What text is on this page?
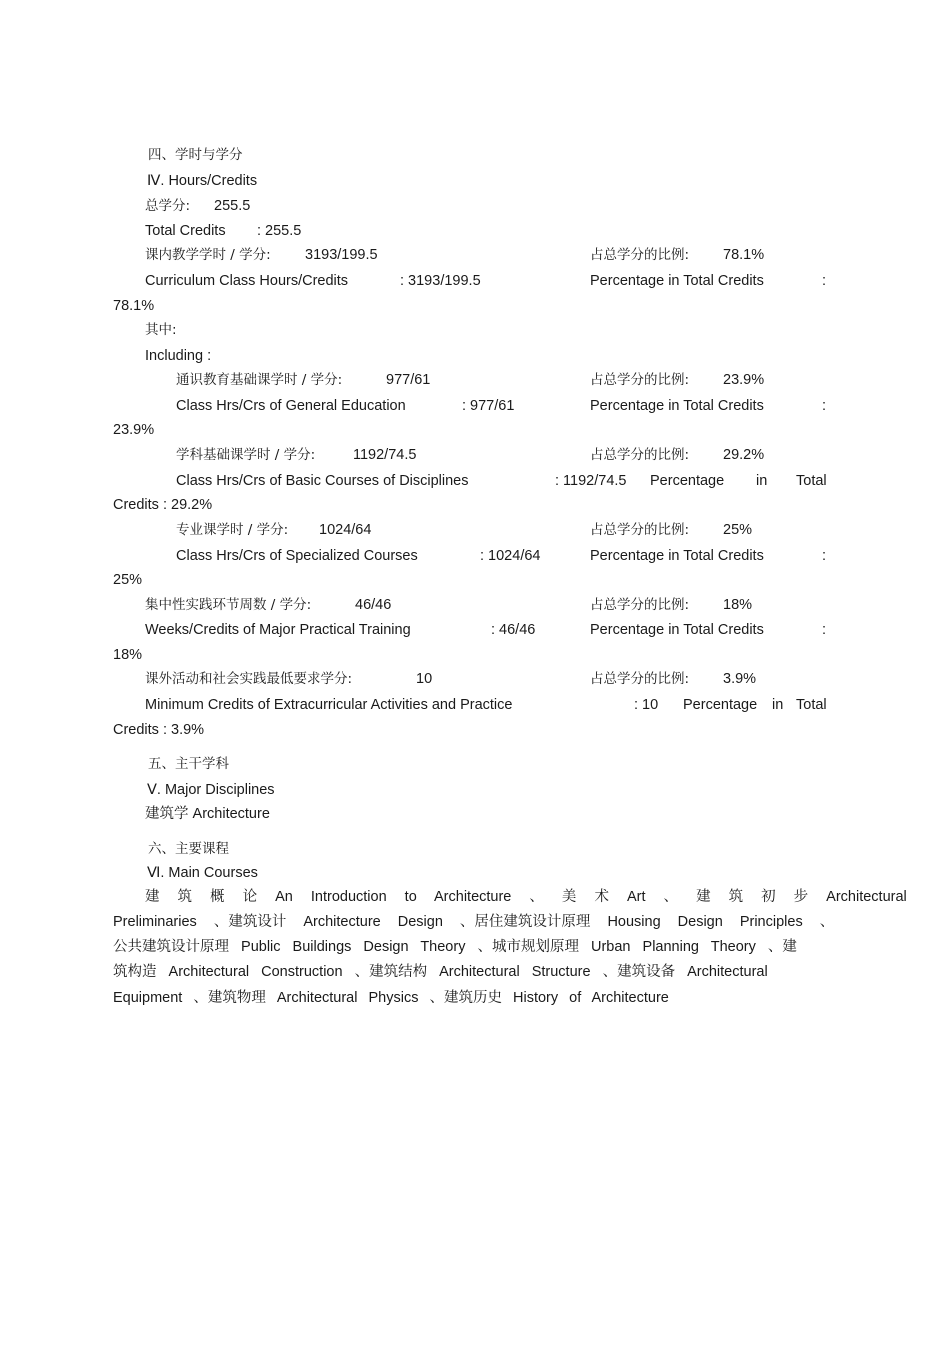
四、学时与学分
Ⅳ. Hours/Credits
总学分: 255.5
Total Credits : 255.5
课内教学学时 / 学分: 3193/199.5	占总学分的比例: 78.1%
Curriculum Class Hours/Credits	: 3193/199.5	Percentage in Total Credits	:
78.1%
其中:
Including :
通识教育基础课学时 / 学分:	977/61	占总学分的比例: 23.9%
Class Hrs/Crs of General Education	: 977/61	Percentage in Total Credits	:
23.9%
学科基础课学时 / 学分:	1192/74.5	占总学分的比例: 29.2%
Class Hrs/Crs of Basic Courses of Disciplines	: 1192/74.5 Percentage in Total
Credits : 29.2%
专业课学时 / 学分: 1024/64	占总学分的比例: 25%
Class Hrs/Crs of Specialized Courses	: 1024/64	Percentage in Total Credits	:
25%
集中性实践环节周数 / 学分:	46/46	占总学分的比例: 18%
Weeks/Credits of Major Practical Training	: 46/46	Percentage in Total Credits	:
18%
课外活动和社会实践最低要求学分:	10	占总学分的比例: 3.9%
Minimum Credits of Extracurricular Activities and Practice	: 10 Percentage in Total
Credits : 3.9%
五、主干学科
Ⅴ. Major Disciplines
建筑学 Architecture
六、主要课程
Ⅵ. Main Courses
建 筑 概 论 An Introduction to Architecture 、 美 术 Art 、 建 筑 初 步 Architectural
Preliminaries 、建筑设计 Architecture Design 、居住建筑设计原理 Housing Design Principles 、
公共建筑设计原理 Public Buildings Design Theory 、城市规划原理 Urban Planning Theory 、建
筑构造 Architectural Construction 、建筑结构 Architectural Structure 、建筑设备 Architectural
Equipment 、建筑物理 Architectural Physics 、建筑历史 History of Architecture
